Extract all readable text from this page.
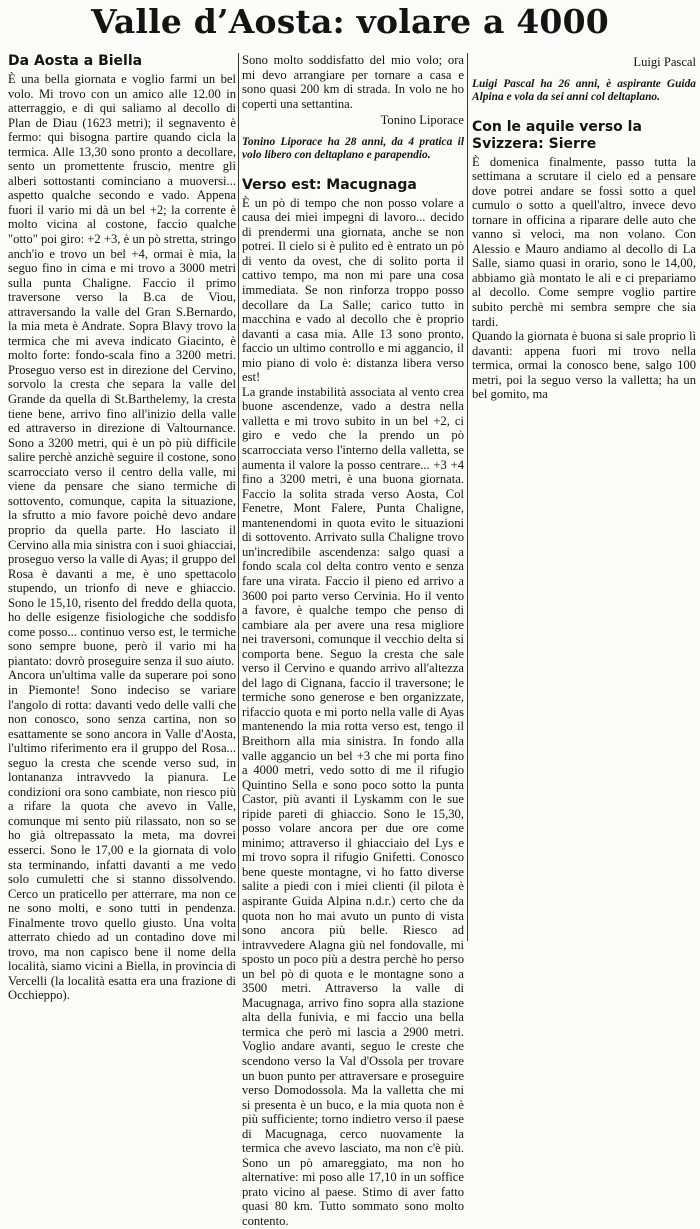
Valle d’Aosta: volare a 4000
Da Aosta a Biella

È una bella giornata e voglio farmi un bel volo. Mi trovo con un amico alle 12.00 in atterraggio, e di qui saliamo al decollo di Plan de Diau (1623 metri); il segnavento è fermo: qui bisogna partire quando cicla la termica. Alle 13,30 sono pronto a decollare, sento un promettente fruscio, mentre gli alberi sottostanti cominciano a muoversi... aspetto qualche secondo e vado. Appena fuori il vario mi dà un bel +2; la corrente è molto vicina al costone, faccio qualche "otto" poi giro: +2 +3, è un pò stretta, stringo anch'io e trovo un bel +4, ormai è mia, la seguo fino in cima e mi trovo a 3000 metri sulla punta Chaligne. Faccio il primo traversone verso la B.ca de Viou, attraversando la valle del Gran S.Bernardo, la mia meta è Andrate. Sopra Blavy trovo la termica che mi aveva indicato Giacinto, è molto forte: fondo-scala fino a 3200 metri. Proseguo verso est in direzione del Cervino, sorvolo la cresta che separa la valle del Grande da quella di St.Barthelemy, la cresta tiene bene, arrivo fino all'inizio della valle ed attraverso in direzione di Valtournance. Sono a 3200 metri, qui è un pò più difficile salire perchè anzichè seguire il costone, sono scarrocciato verso il centro della valle, mi viene da pensare che siano termiche di sottovento, comunque, capita la situazione, la sfrutto a mio favore poichè devo andare proprio da quella parte. Ho lasciato il Cervino alla mia sinistra con i suoi ghiacciai, proseguo verso la valle di Ayas; il gruppo del Rosa è davanti a me, è uno spettacolo stupendo, un trionfo di neve e ghiaccio. Sono le 15,10, risento del freddo della quota, ho delle esigenze fisiologiche che soddisfo come posso... continuo verso est, le termiche sono sempre buone, però il vario mi ha piantato: dovrò proseguire senza il suo aiuto.

Ancora un'ultima valle da superare poi sono in Piemonte! Sono indeciso se variare l'angolo di rotta: davanti vedo delle valli che non conosco, sono senza cartina, non so esattamente se sono ancora in Valle d'Aosta, l'ultimo riferimento era il gruppo del Rosa... seguo la cresta che scende verso sud, in lontananza intravvedo la pianura. Le condizioni ora sono cambiate, non riesco più a rifare la quota che avevo in Valle, comunque mi sento più rilassato, non so se ho già oltrepassato la meta, ma dovrei esserci. Sono le 17,00 e la giornata di volo sta terminando, infatti davanti a me vedo solo cumuletti che si stanno dissolvendo. Cerco un praticello per atterrare, ma non ce ne sono molti, e sono tutti in pendenza. Finalmente trovo quello giusto. Una volta atterrato chiedo ad un contadino dove mi trovo, ma non capisco bene il nome della località, siamo vicini a Biella, in provincia di Vercelli (la località esatta era una frazione di Occhieppo).

Sono molto soddisfatto del mio volo; ora mi devo arrangiare per tornare a casa e sono quasi 200 km di strada. In volo ne ho coperti una settantina.

Tonino Liporace

Tonino Liporace ha 28 anni, da 4 pratica il volo libero con deltaplano e parapendio.

Verso est: Macugnaga

È un pò di tempo che non posso volare a causa dei miei impegni di lavoro... decido di prendermi una giornata, anche se non potrei. Il cielo si è pulito ed è entrato un pò di vento da ovest, che di solito porta il cattivo tempo, ma non mi pare una cosa immediata. Se non rinforza troppo posso decollare da La Salle; carico tutto in macchina e vado al decollo che è proprio davanti a casa mia. Alle 13 sono pronto, faccio un ultimo controllo e mi aggancio, il mio piano di volo è: distanza libera verso est!

La grande instabilità associata al vento crea buone ascendenze, vado a destra nella valletta e mi trovo subito in un bel +2, ci giro e vedo che la prendo un pò scarrocciata verso l'interno della valletta, se aumenta il valore la posso centrare... +3 +4 fino a 3200 metri, è una buona giornata. Faccio la solita strada verso Aosta, Col Fenetre, Mont Falere, Punta Chaligne, mantenendomi in quota evito le situazioni di sottovento. Arrivato sulla Chaligne trovo un'incredibile ascendenza: salgo quasi a fondo scala col delta contro vento e senza fare una virata. Faccio il pieno ed arrivo a 3600 poi parto verso Cervinia. Ho il vento a favore, è qualche tempo che penso di cambiare ala per avere una resa migliore nei traversoni, comunque il vecchio delta si comporta bene. Seguo la cresta che sale verso il Cervino e quando arrivo all'altezza del lago di Cignana, faccio il traversone; le termiche sono generose e ben organizzate, rifaccio quota e mi porto nella valle di Ayas mantenendo la mia rotta verso est, tengo il Breithorn alla mia sinistra. In fondo alla valle aggancio un bel +3 che mi porta fino a 4000 metri, vedo sotto di me il rifugio Quintino Sella e sono poco sotto la punta Castor, più avanti il Lyskamm con le sue ripide pareti di ghiaccio. Sono le 15,30, posso volare ancora per due ore come minimo; attraverso il ghiacciaio del Lys e mi trovo sopra il rifugio Gnifetti. Conosco bene queste montagne, vi ho fatto diverse salite a piedi con i miei clienti (il pilota è aspirante Guida Alpina n.d.r.) certo che da quota non ho mai avuto un punto di vista sono ancora più belle. Riesco ad intravvedere Alagna giù nel fondovalle, mi sposto un poco più a destra perchè ho perso un bel pò di quota e le montagne sono a 3500 metri. Attraverso la valle di Macugnaga, arrivo fino sopra alla stazione alta della funivia, e mi faccio una bella termica che però mi lascia a 2900 metri. Voglio andare avanti, seguo le creste che scendono verso la Val d'Ossola per trovare un buon punto per attraversare e proseguire verso Domodossola. Ma la valletta che mi si presenta è un buco, e la mia quota non è più sufficiente; torno indietro verso il paese di Macugnaga, cerco nuovamente la termica che avevo lasciato, ma non c'è più. Sono un pò amareggiato, ma non ho alternative: mi poso alle 17,10 in un soffice prato vicino al paese. Stimo di aver fatto quasi 80 km. Tutto sommato sono molto contento.

Luigi Pascal

Luigi Pascal ha 26 anni, è aspirante Guida Alpina e vola da sei anni col deltaplano.

Con le aquile verso la Svizzera: Sierre

È domenica finalmente, passo tutta la settimana a scrutare il cielo ed a pensare dove potrei andare se fossi sotto a quel cumulo o sotto a quell'altro, invece devo tornare in officina a riparare delle auto che vanno sì veloci, ma non volano. Con Alessio e Mauro andiamo al decollo di La Salle, siamo quasi in orario, sono le 14,00, abbiamo già montato le ali e ci prepariamo al decollo. Come sempre voglio partire subito perchè mi sembra sempre che sia tardi.

Quando la giornata è buona si sale proprio lì davanti: appena fuori mi trovo nella termica, ormai la conosco bene, salgo 100 metri, poi la seguo verso la valletta; ha un bel gomito, ma
